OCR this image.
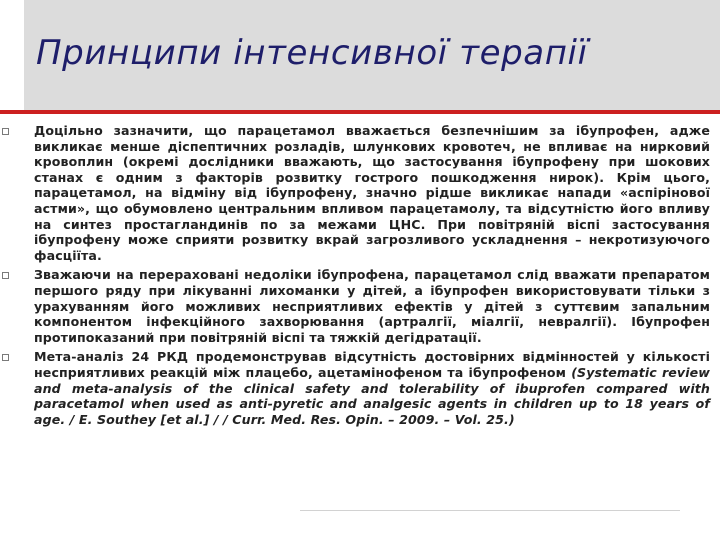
Принципи інтенсивної терапії
Доцільно зазначити, що парацетамол вважається безпечнішим за ібупрофен, адже викликає менше діспептичних розладів, шлункових кровотеч, не впливає на нирковий кровоплин (окремі дослідники вважають, що застосування ібупрофену при шокових станах є одним з факторів розвитку гострого пошкодження нирок). Крім цього, парацетамол, на відміну від ібупрофену, значно рідше викликає напади «аспірінової астми», що обумовлено центральним впливом парацетамолу, та відсутністю його впливу на синтез простагландинів по за межами ЦНС. При повітряній віспі застосування ібупрофену може сприяти розвитку вкрай загрозливого ускладнення – некротизуючого фасціїта.
Зважаючи на перераховані недоліки ібупрофена, парацетамол слід вважати препаратом першого ряду при лікуванні лихоманки у дітей, а ібупрофен використовувати тільки з урахуванням його можливих несприятливих ефектів у дітей з суттєвим запальним компонентом інфекційного захворювання (артралгії, міалгії, невралгії). Ібупрофен протипоказаний при повітряній віспі та тяжкій дегідратації.
Мета-аналіз 24 РКД продемонстрував відсутність достовірних відмінностей у кількості несприятливих реакцій між плацебо, ацетамінофеном та ібупрофеном (Systematic review and meta-analysis of the clinical safety and tolerability of ibuprofen compared with paracetamol when used as anti-pyretic and analgesic agents in children up to 18 years of age. / E. Southey [et al.] / / Curr. Med. Res. Opin. – 2009. – Vol. 25.)
